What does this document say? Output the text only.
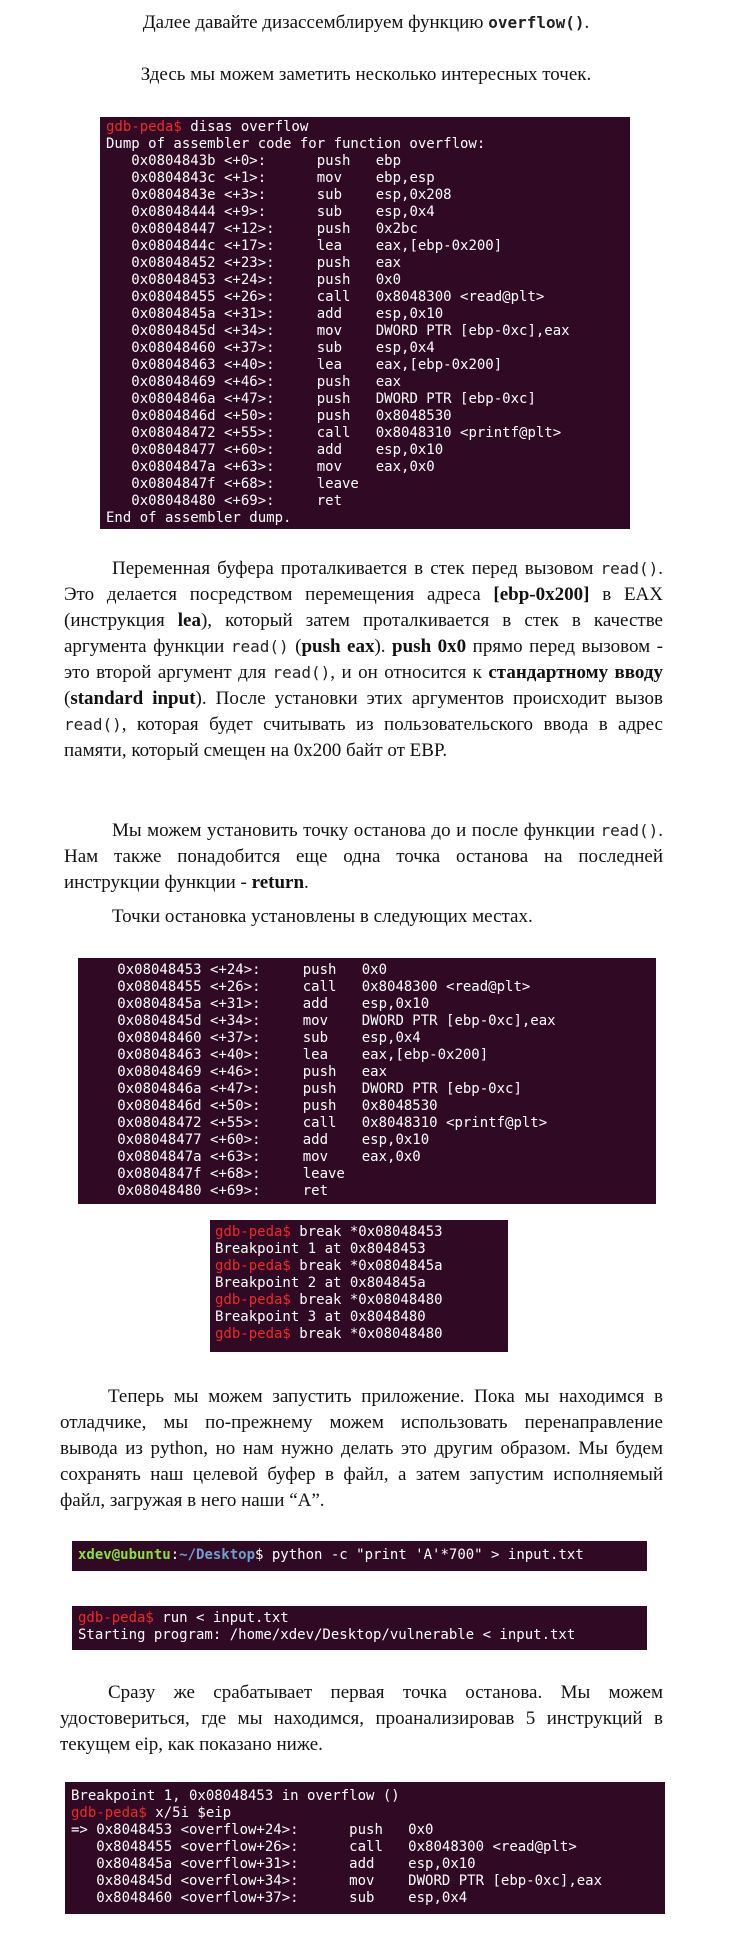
Далее давайте дизассемблируем функцию overflow().
Здесь мы можем заметить несколько интересных точек.
gdb-peda$ disas overflow
Dump of assembler code for function overflow:
0x0804843b <+0>:      push   ebp
0x0804843c <+1>:      mov    ebp,esp
0x0804843e <+3>:      sub    esp,0x208
0x08048444 <+9>:      sub    esp,0x4
0x08048447 <+12>:     push   0x2bc
0x0804844c <+17>:     lea    eax,[ebp-0x200]
0x08048452 <+23>:     push   eax
0x08048453 <+24>:     push   0x0
0x08048455 <+26>:     call   0x8048300 <read@plt>
0x0804845a <+31>:     add    esp,0x10
0x0804845d <+34>:     mov    DWORD PTR [ebp-0xc],eax
0x08048460 <+37>:     sub    esp,0x4
0x08048463 <+40>:     lea    eax,[ebp-0x200]
0x08048469 <+46>:     push   eax
0x0804846a <+47>:     push   DWORD PTR [ebp-0xc]
0x0804846d <+50>:     push   0x8048530
0x08048472 <+55>:     call   0x8048310 <printf@plt>
0x08048477 <+60>:     add    esp,0x10
0x0804847a <+63>:     mov    eax,0x0
0x0804847f <+68>:     leave
0x08048480 <+69>:     ret
End of assembler dump.
Переменная буфера проталкивается в стек перед вызовом read(). Это делается посредством перемещения адреса [ebp-0x200] в EAX (инструкция lea), который затем проталкивается в стек в качестве аргумента функции read() (push eax). push 0x0 прямо перед вызовом - это второй аргумент для read(), и он относится к стандартному вводу (standard input). После установки этих аргументов происходит вызов read(), которая будет считывать из пользовательского ввода в адрес памяти, который смещен на 0x200 байт от EBP.
Мы можем установить точку останова до и после функции read(). Нам также понадобится еще одна точка останова на последней инструкции функции - return.
Точки остановка установлены в следующих местах.
0x08048453 <+24>:     push   0x0
0x08048455 <+26>:     call   0x8048300 <read@plt>
0x0804845a <+31>:     add    esp,0x10
0x0804845d <+34>:     mov    DWORD PTR [ebp-0xc],eax
0x08048460 <+37>:     sub    esp,0x4
0x08048463 <+40>:     lea    eax,[ebp-0x200]
0x08048469 <+46>:     push   eax
0x0804846a <+47>:     push   DWORD PTR [ebp-0xc]
0x0804846d <+50>:     push   0x8048530
0x08048472 <+55>:     call   0x8048310 <printf@plt>
0x08048477 <+60>:     add    esp,0x10
0x0804847a <+63>:     mov    eax,0x0
0x0804847f <+68>:     leave
0x08048480 <+69>:     ret
gdb-peda$ break *0x08048453
Breakpoint 1 at 0x8048453
gdb-peda$ break *0x0804845a
Breakpoint 2 at 0x804845a
gdb-peda$ break *0x08048480
Breakpoint 3 at 0x8048480
gdb-peda$ break *0x08048480
Теперь мы можем запустить приложение. Пока мы находимся в отладчике, мы по-прежнему можем использовать перенаправление вывода из python, но нам нужно делать это другим образом. Мы будем сохранять наш целевой буфер в файл, а затем запустим исполняемый файл, загружая в него наши “A”.
xdev@ubuntu:~/Desktop$ python -c "print 'A'*700" > input.txt
gdb-peda$ run < input.txt
Starting program: /home/xdev/Desktop/vulnerable < input.txt
Сразу же срабатывает первая точка останова. Мы можем удостовериться, где мы находимся, проанализировав 5 инструкций в текущем eip, как показано ниже.
Breakpoint 1, 0x08048453 in overflow ()
gdb-peda$ x/5i $eip
=> 0x8048453 <overflow+24>:      push   0x0
0x8048455 <overflow+26>:      call   0x8048300 <read@plt>
0x804845a <overflow+31>:      add    esp,0x10
0x804845d <overflow+34>:      mov    DWORD PTR [ebp-0xc],eax
0x8048460 <overflow+37>:      sub    esp,0x4
